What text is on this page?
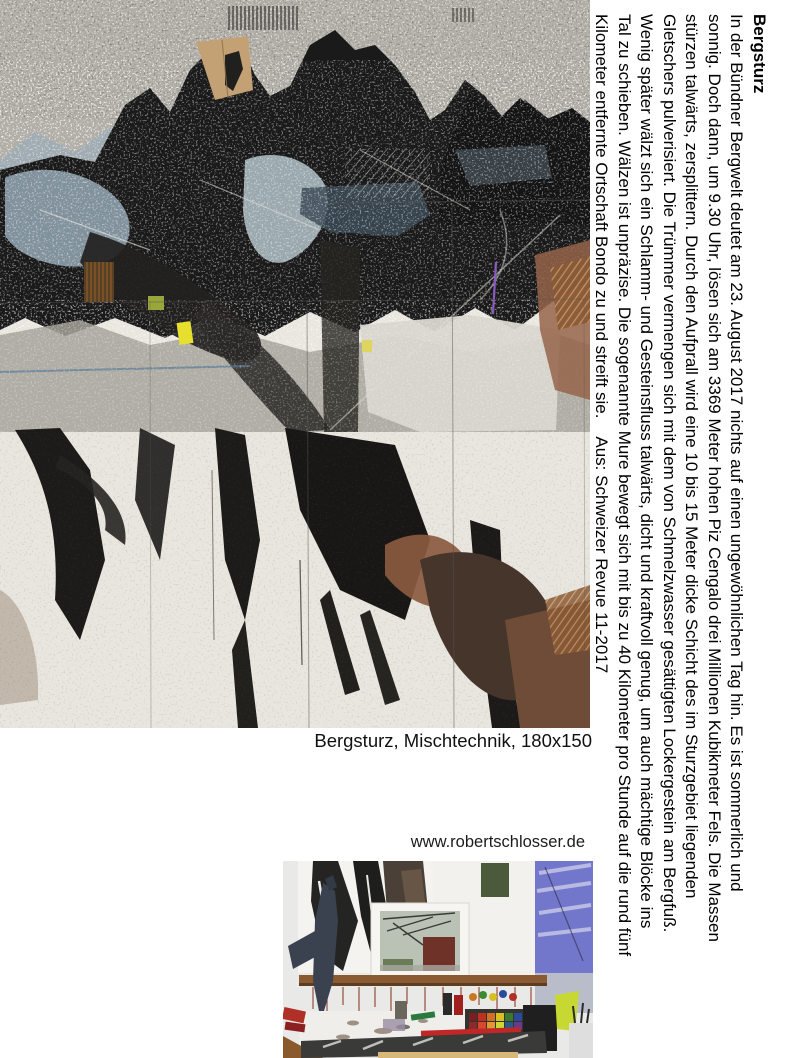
Bergsturz, Mischtechnik, 180x150
www.robertschlosser.de
Bergsturz
In der Bündner Bergwelt deutet am 23. August 2017 nichts auf einen ungewöhnlichen Tag hin. Es ist sommerlich und
sonnig. Doch dann, um 9.30 Uhr, lösen sich am 3369 Meter hohen Piz Cengalo drei Millionen Kubikmeter Fels. Die Massen
stürzen talwärts, zersplittern. Durch den Aufprall wird eine 10 bis 15 Meter dicke Schicht des im Sturzgebiet liegenden
Gletschers pulverisiert. Die Trümmer vermengen sich mit dem von Schmelzwasser gesättigten Lockergestein am Bergfuß.
Wenig später wälzt sich ein Schlamm- und Gesteinsfluss talwärts, dicht und kraftvoll genug, um auch mächtige Blöcke ins
Tal zu schieben. Wälzen ist unpräzise. Die sogenannte Mure bewegt sich mit bis zu 40 Kilometer pro Stunde auf die rund fünf
Kilometer entfernte Ortschaft Bondo zu und streift sie.    Aus: Schweizer Revue 11-2017
